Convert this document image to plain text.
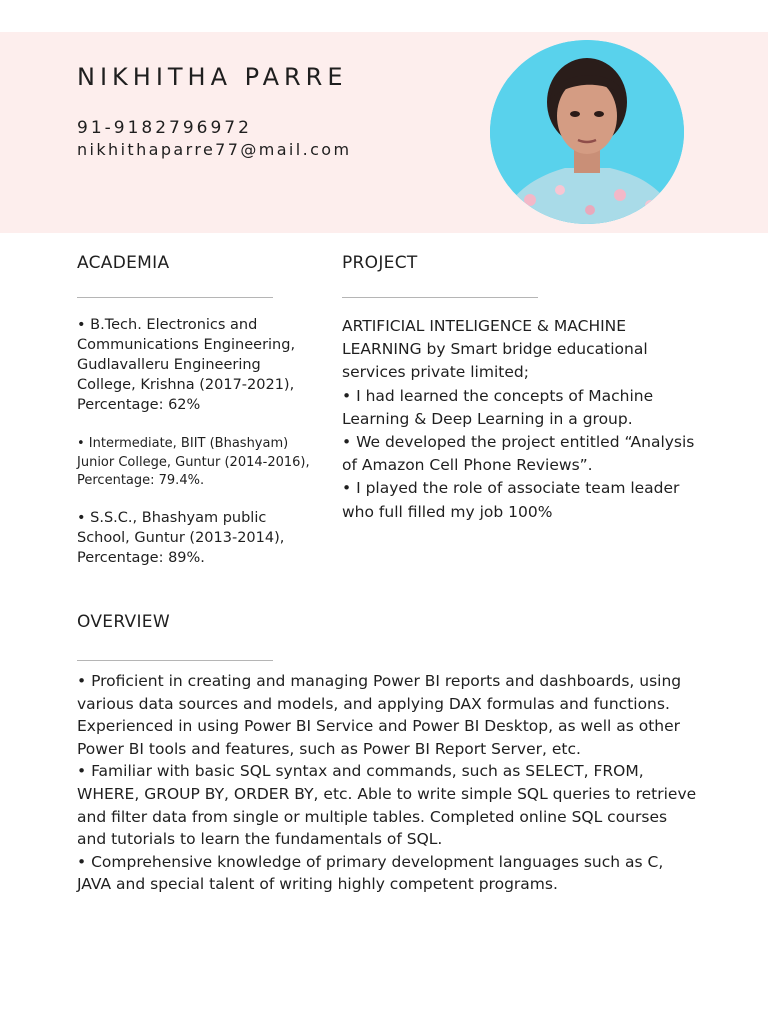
NIKHITHA PARRE
91-9182796972
nikhithaparre77@mail.com
ACADEMIA
• B.Tech. Electronics and Communications Engineering, Gudlavalleru Engineering College, Krishna (2017-2021), Percentage: 62%
• Intermediate, BIIT (Bhashyam) Junior College, Guntur (2014-2016), Percentage: 79.4%.
• S.S.C., Bhashyam public School, Guntur (2013-2014), Percentage: 89%.
PROJECT

ARTIFICIAL INTELIGENCE & MACHINE LEARNING by Smart bridge educational services private limited;

• I had learned the concepts of Machine Learning & Deep Learning in a group.

• We developed the project entitled “Analysis of Amazon Cell Phone Reviews”.

• I played the role of associate team leader who full filled my job 100%

OVERVIEW

• Proficient in creating and managing Power BI reports and dashboards, using various data sources and models, and applying DAX formulas and functions. Experienced in using Power BI Service and Power BI Desktop, as well as other Power BI tools and features, such as Power BI Report Server, etc.

• Familiar with basic SQL syntax and commands, such as SELECT, FROM, WHERE, GROUP BY, ORDER BY, etc. Able to write simple SQL queries to retrieve and filter data from single or multiple tables. Completed online SQL courses and tutorials to learn the fundamentals of SQL.

• Comprehensive knowledge of primary development languages such as C, JAVA and special talent of writing highly competent programs.
